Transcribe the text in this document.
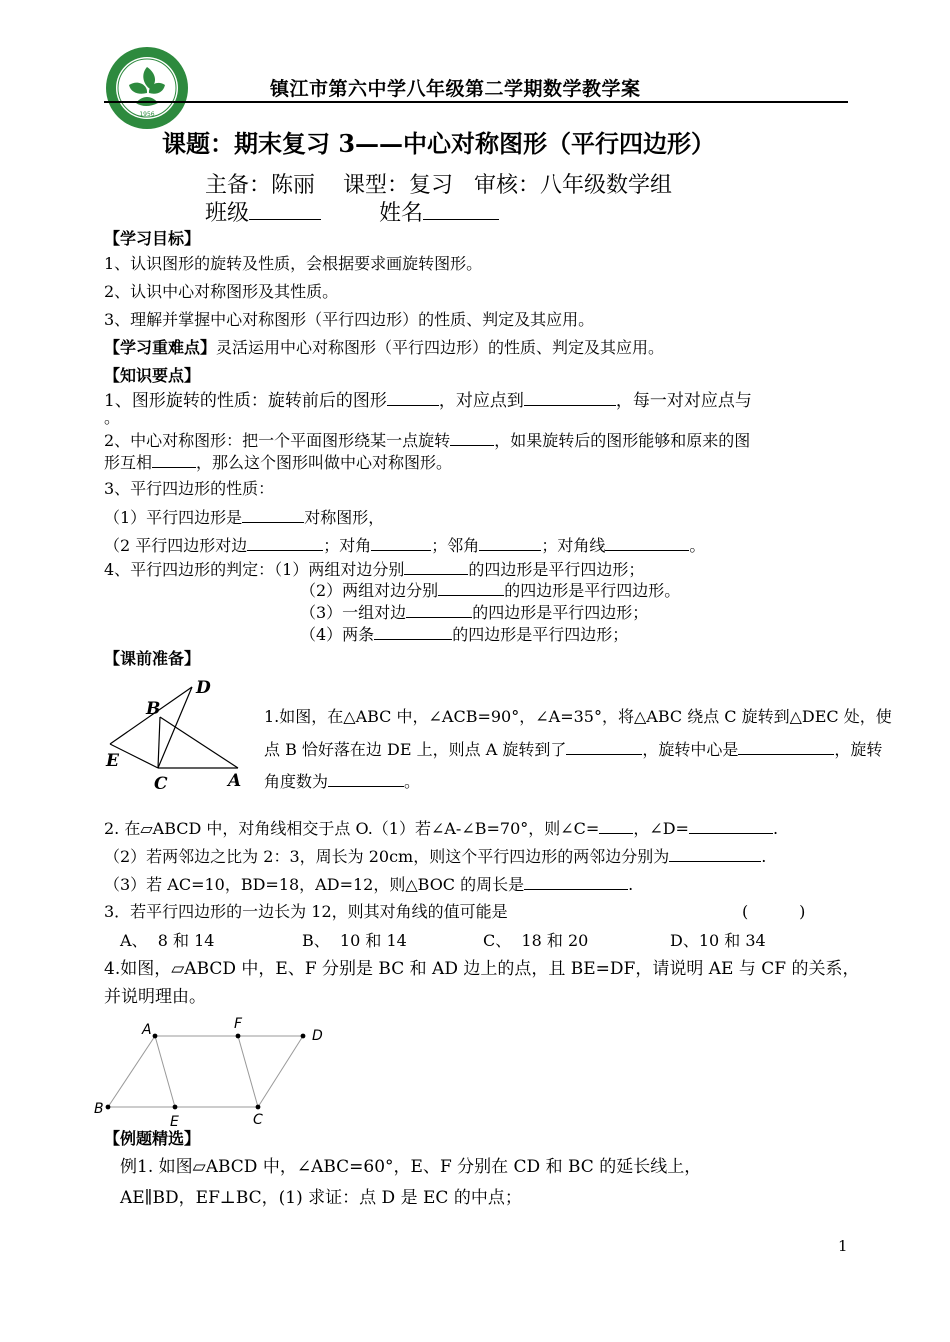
1956
镇江市第六中学八年级第二学期数学教学案
课题：期末复习 3——中心对称图形（平行四边形）
主备：陈丽    课型：复习   审核：八年级数学组
班级	姓名
【学习目标】
1、认识图形的旋转及性质，会根据要求画旋转图形。
2、认识中心对称图形及其性质。
3、理解并掌握中心对称图形（平行四边形）的性质、判定及其应用。
【学习重难点】灵活运用中心对称图形（平行四边形）的性质、判定及其应用。
【知识要点】
1、图形旋转的性质：旋转前后的图形	，对应点到	，每一对对应点与
。
2、中心对称图形：把一个平面图形绕某一点旋转	，如果旋转后的图形能够和原来的图
形互相	，那么这个图形叫做中心对称图形。
3、平行四边形的性质：
（1）平行四边形是	对称图形，
（2 平行四边形对边	；对角	；邻角	；对角线	。
4、平行四边形的判定：（1）两组对边分别	的四边形是平行四边形；
（2）两组对边分别	的四边形是平行四边形。
（3）一组对边	的四边形是平行四边形；
（4）两条	的四边形是平行四边形；
【课前准备】
D
B
E
C	A
1.如图，在△ABC 中，∠ACB=90°，∠A=35°，将△ABC 绕点 C 旋转到△DEC 处，使
点 B 恰好落在边 DE 上，则点 A 旋转到了	，旋转中心是	，旋转
角度数为	。
2. 在▱ABCD 中，对角线相交于点 O.（1）若∠A-∠B=70°，则∠C= ，∠D=	.
（2）若两邻边之比为 2：3，周长为 20cm，则这个平行四边形的两邻边分别为	.
（3）若 AC=10，BD=18，AD=12，则△BOC 的周长是	.
3．若平行四边形的一边长为 12，则其对角线的值可能是	(          )
A、  8 和 14	B、  10 和 14	C、  18 和 20	D、10 和 34
4.如图，▱ABCD 中，E、F 分别是 BC 和 AD 边上的点，且 BE=DF，请说明 AE 与 CF 的关系，
并说明理由。
A	F
D
B
E	C
【例题精选】
例1. 如图▱ABCD 中，∠ABC=60°，E、F 分别在 CD 和 BC 的延长线上，
AE∥BD，EF⊥BC，(1) 求证：点 D 是 EC 的中点；
1
